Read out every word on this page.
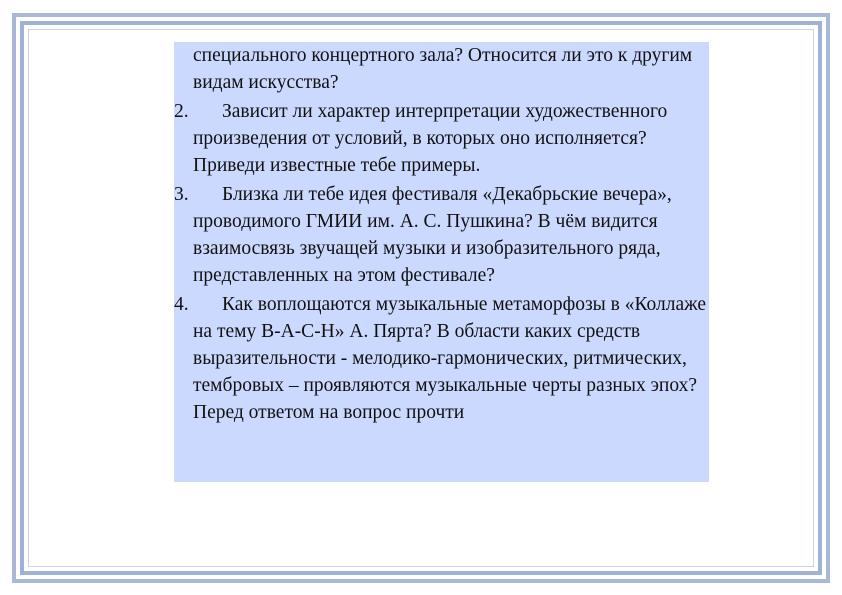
специального концертного зала? Относится ли это к другим видам искусства?

2.	Зависит ли характер интерпретации художественного произведения от условий, в которых оно исполняется? Приведи известные тебе примеры.

3.	Близка ли тебе идея фестиваля «Декабрьские вечера», проводимого ГМИИ им. А. С. Пушкина? В чём видится взаимосвязь звучащей музыки и изобразительного ряда, представленных на этом фестивале?

4.	Как воплощаются музыкальные метаморфозы в «Коллаже на тему В-А-С-Н» А. Пярта? В области каких средств выразительности - мелодико-гармонических, ритмических, тембровых – проявляются музыкальные черты разных эпох? Перед ответом на вопрос прочти
